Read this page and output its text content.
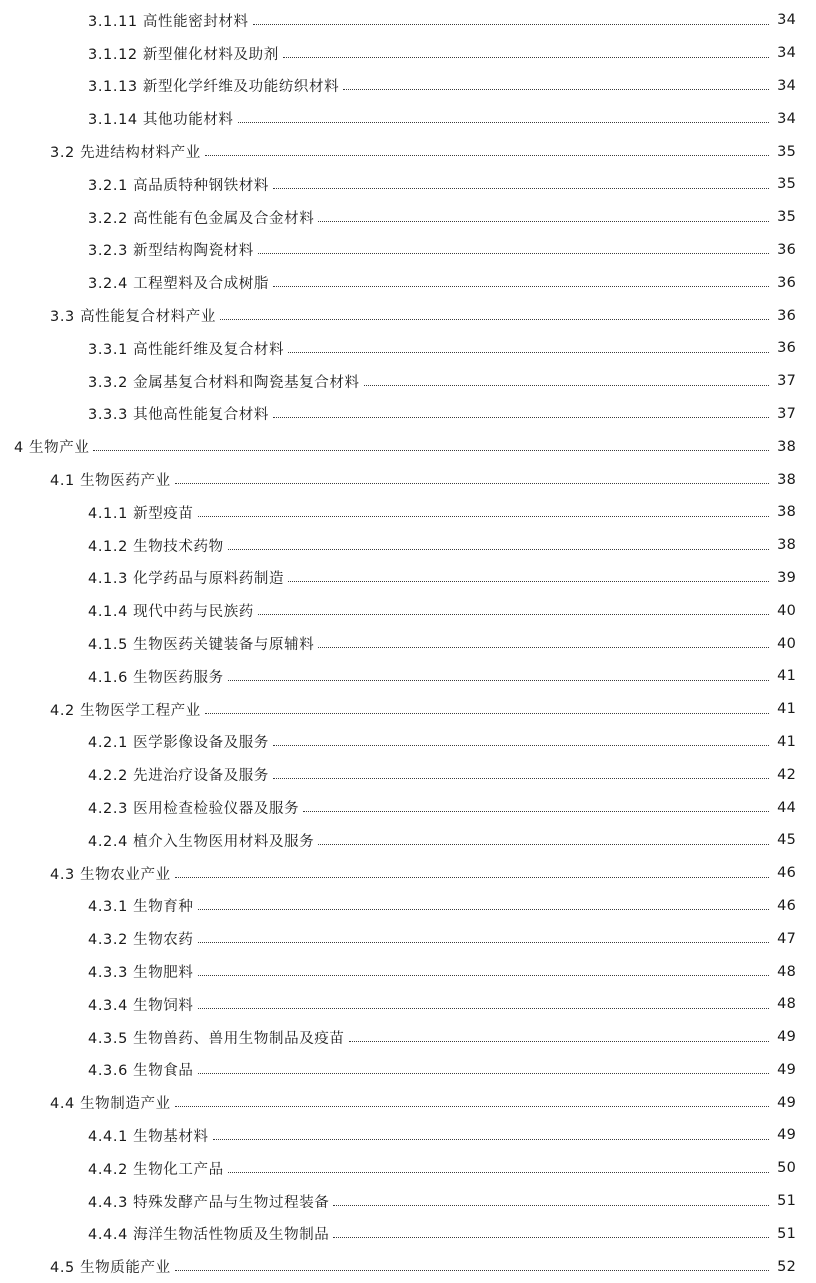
3.1.11 高性能密封材料	34
3.1.12 新型催化材料及助剂	34
3.1.13 新型化学纤维及功能纺织材料	34
3.1.14 其他功能材料	34
3.2 先进结构材料产业	35
3.2.1 高品质特种钢铁材料	35
3.2.2 高性能有色金属及合金材料	35
3.2.3 新型结构陶瓷材料	36
3.2.4 工程塑料及合成树脂	36
3.3 高性能复合材料产业	36
3.3.1 高性能纤维及复合材料	36
3.3.2 金属基复合材料和陶瓷基复合材料	37
3.3.3 其他高性能复合材料	37
4 生物产业	38
4.1 生物医药产业	38
4.1.1 新型疫苗	38
4.1.2 生物技术药物	38
4.1.3 化学药品与原料药制造	39
4.1.4 现代中药与民族药	40
4.1.5 生物医药关键装备与原辅料	40
4.1.6 生物医药服务	41
4.2 生物医学工程产业	41
4.2.1 医学影像设备及服务	41
4.2.2 先进治疗设备及服务	42
4.2.3 医用检查检验仪器及服务	44
4.2.4 植介入生物医用材料及服务	45
4.3 生物农业产业	46
4.3.1 生物育种	46
4.3.2 生物农药	47
4.3.3 生物肥料	48
4.3.4 生物饲料	48
4.3.5 生物兽药、兽用生物制品及疫苗	49
4.3.6 生物食品	49
4.4 生物制造产业	49
4.4.1 生物基材料	49
4.4.2 生物化工产品	50
4.4.3 特殊发酵产品与生物过程装备	51
4.4.4 海洋生物活性物质及生物制品	51
4.5 生物质能产业	52
